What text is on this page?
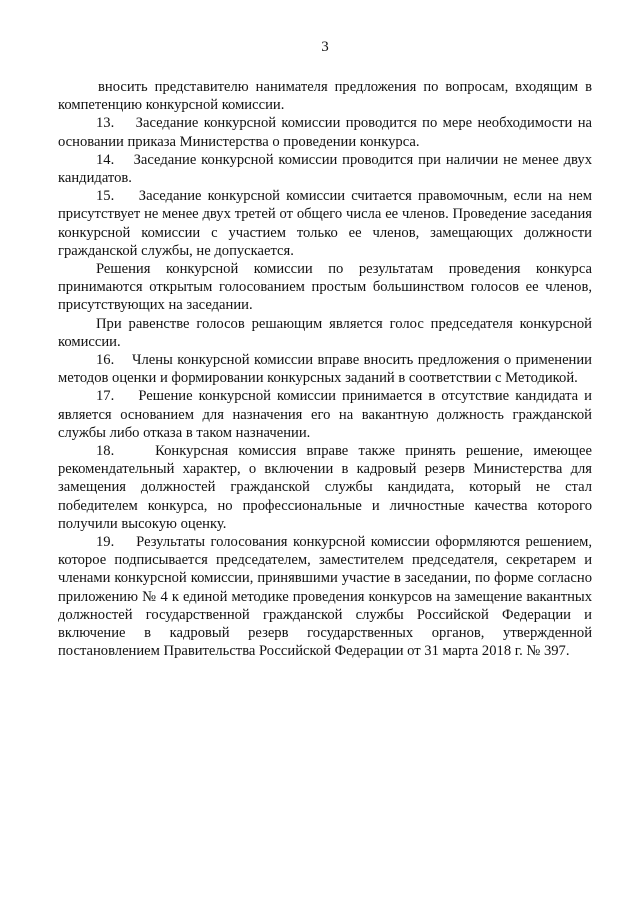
3

вносить представителю нанимателя предложения по вопросам, входящим в компетенцию конкурсной комиссии.

13.    Заседание конкурсной комиссии проводится по мере необходимости на основании приказа Министерства о проведении конкурса.

14.    Заседание конкурсной комиссии проводится при наличии не менее двух кандидатов.

15.    Заседание конкурсной комиссии считается правомочным, если на нем присутствует не менее двух третей от общего числа ее членов. Проведение заседания конкурсной комиссии с участием только ее членов, замещающих должности гражданской службы, не допускается.

Решения конкурсной комиссии по результатам проведения конкурса принимаются открытым голосованием простым большинством голосов ее членов, присутствующих на заседании.

При равенстве голосов решающим является голос председателя конкурсной комиссии.

16.    Члены конкурсной комиссии вправе вносить предложения о применении методов оценки и формировании конкурсных заданий в соответствии с Методикой.

17.    Решение конкурсной комиссии принимается в отсутствие кандидата и является основанием для назначения его на вакантную должность гражданской службы либо отказа в таком назначении.

18.    Конкурсная комиссия вправе также принять решение, имеющее рекомендательный характер, о включении в кадровый резерв Министерства для замещения должностей гражданской службы кандидата, который не стал победителем конкурса, но профессиональные и личностные качества которого получили высокую оценку.

19.    Результаты голосования конкурсной комиссии оформляются решением, которое подписывается председателем, заместителем председателя, секретарем и членами конкурсной комиссии, принявшими участие в заседании, по форме согласно приложению № 4 к единой методике проведения конкурсов на замещение вакантных должностей государственной гражданской службы Российской Федерации и включение в кадровый резерв государственных органов, утвержденной постановлением Правительства Российской Федерации от 31 марта 2018 г. № 397.
